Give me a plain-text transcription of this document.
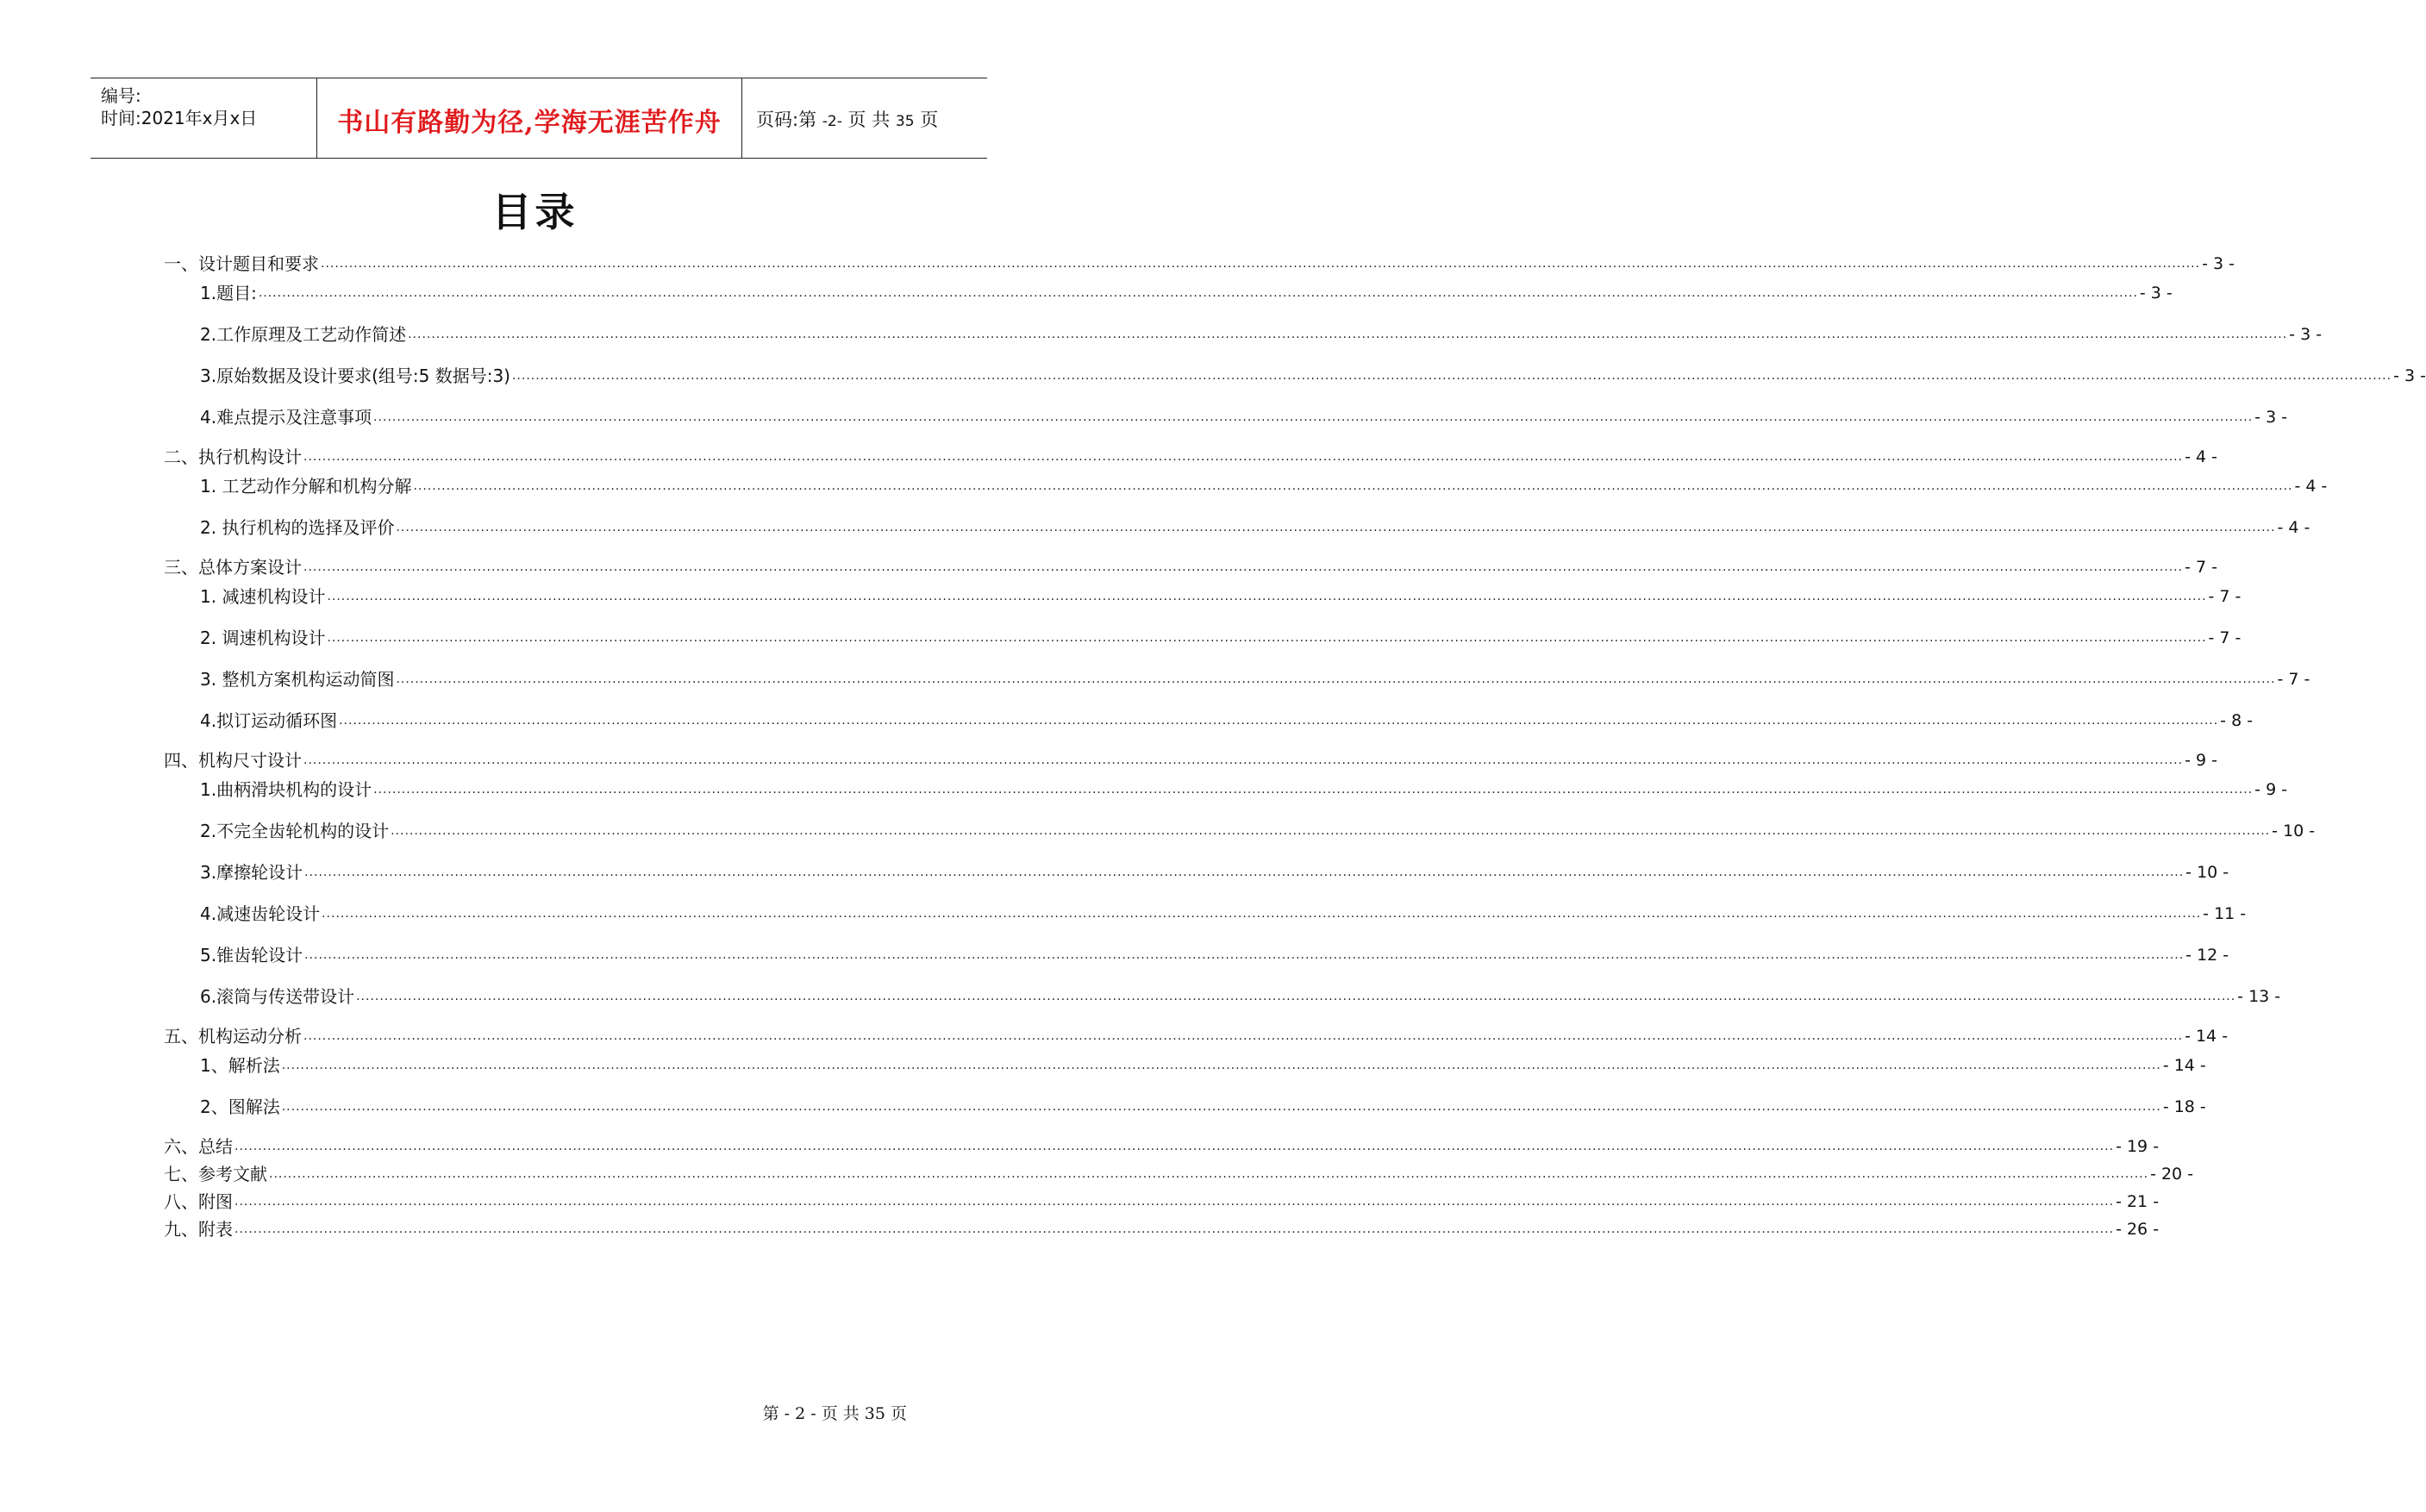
编号:
时间:2021年x月x日	书山有路勤为径,学海无涯苦作舟	页码:第 -2- 页 共 35 页
目录
一、设计题目和要求 ................................................................................................................................................................................................................................................................................................................................................................................................................ - 3 -
1.题目: ................................................................................................................................................................................................................................................................................................................................................................................................................ - 3 -
2.工作原理及工艺动作简述 ................................................................................................................................................................................................................................................................................................................................................................................................................ - 3 -
3.原始数据及设计要求(组号:5 数据号:3) ................................................................................................................................................................................................................................................................................................................................................................................................................ - 3 -
4.难点提示及注意事项 ................................................................................................................................................................................................................................................................................................................................................................................................................ - 3 -
二、执行机构设计 ................................................................................................................................................................................................................................................................................................................................................................................................................ - 4 -
1. 工艺动作分解和机构分解 ................................................................................................................................................................................................................................................................................................................................................................................................................ - 4 -
2. 执行机构的选择及评价 ................................................................................................................................................................................................................................................................................................................................................................................................................ - 4 -
三、总体方案设计 ................................................................................................................................................................................................................................................................................................................................................................................................................ - 7 -
1. 减速机构设计 ................................................................................................................................................................................................................................................................................................................................................................................................................ - 7 -
2. 调速机构设计 ................................................................................................................................................................................................................................................................................................................................................................................................................ - 7 -
3. 整机方案机构运动简图 ................................................................................................................................................................................................................................................................................................................................................................................................................ - 7 -
4.拟订运动循环图 ................................................................................................................................................................................................................................................................................................................................................................................................................ - 8 -
四、机构尺寸设计 ................................................................................................................................................................................................................................................................................................................................................................................................................ - 9 -
1.曲柄滑块机构的设计 ................................................................................................................................................................................................................................................................................................................................................................................................................ - 9 -
2.不完全齿轮机构的设计 ................................................................................................................................................................................................................................................................................................................................................................................................................ - 10 -
3.摩擦轮设计 ................................................................................................................................................................................................................................................................................................................................................................................................................ - 10 -
4.减速齿轮设计 ................................................................................................................................................................................................................................................................................................................................................................................................................ - 11 -
5.锥齿轮设计 ................................................................................................................................................................................................................................................................................................................................................................................................................ - 12 -
6.滚筒与传送带设计 ................................................................................................................................................................................................................................................................................................................................................................................................................ - 13 -
五、机构运动分析 ................................................................................................................................................................................................................................................................................................................................................................................................................ - 14 -
1、解析法 ................................................................................................................................................................................................................................................................................................................................................................................................................ - 14 -
2、图解法 ................................................................................................................................................................................................................................................................................................................................................................................................................ - 18 -
六、总结 ................................................................................................................................................................................................................................................................................................................................................................................................................ - 19 -
七、参考文献 ................................................................................................................................................................................................................................................................................................................................................................................................................ - 20 -
八、附图 ................................................................................................................................................................................................................................................................................................................................................................................................................ - 21 -
九、附表 ................................................................................................................................................................................................................................................................................................................................................................................................................ - 26 -
第 - 2 - 页 共 35 页
